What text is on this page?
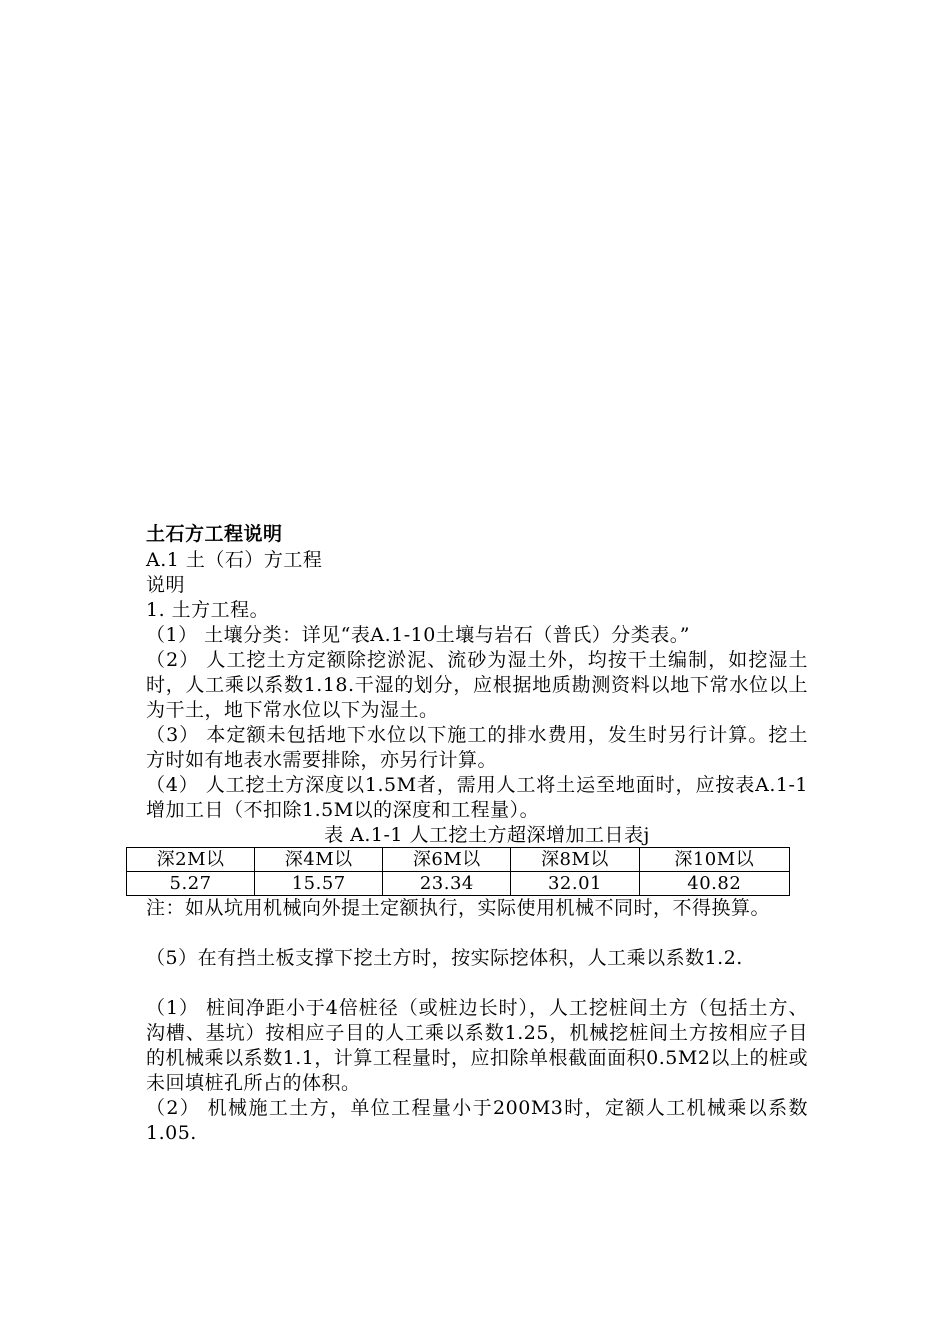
土石方工程说明
A.1 土（石）方工程
说明
1. 土方工程。
（1） 土壤分类：详见“表A.1-10土壤与岩石（普氏）分类表。”
（2） 人工挖土方定额除挖淤泥、流砂为湿土外，均按干土编制，如挖湿土时，人工乘以系数1.18.干湿的划分，应根据地质勘测资料以地下常水位以上为干土，地下常水位以下为湿土。
（3） 本定额未包括地下水位以下施工的排水费用，发生时另行计算。挖土方时如有地表水需要排除，亦另行计算。
（4） 人工挖土方深度以1.5M者，需用人工将土运至地面时，应按表A.1-1增加工日（不扣除1.5M以的深度和工程量）。
表 A.1-1 人工挖土方超深增加工日表j
深2M以	深4M以	深6M以	深8M以	深10M以
5.27	15.57	23.34	32.01	40.82
注：如从坑用机械向外提土定额执行，实际使用机械不同时，不得换算。
（5）在有挡土板支撑下挖土方时，按实际挖体积，人工乘以系数1.2.
（1） 桩间净距小于4倍桩径（或桩边长时），人工挖桩间土方（包括土方、沟槽、基坑）按相应子目的人工乘以系数1.25，机械挖桩间土方按相应子目的机械乘以系数1.1，计算工程量时，应扣除单根截面面积0.5M2以上的桩或未回填桩孔所占的体积。
（2） 机械施工土方，单位工程量小于200M3时，定额人工机械乘以系数1.05.
